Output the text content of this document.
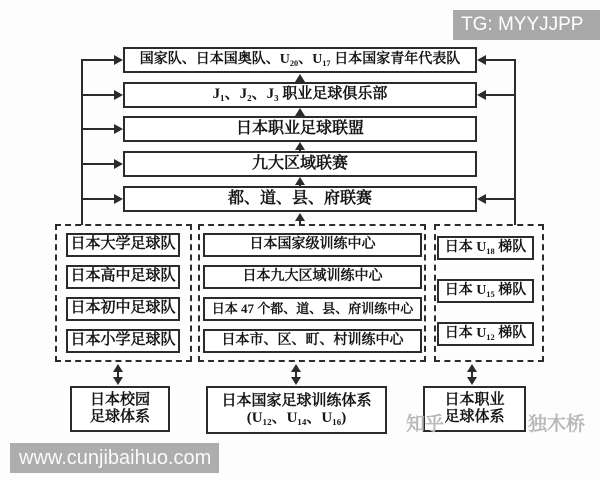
TG: MYYJJPP
国家队、日本国奥队、U₂₀、U₁₇ 日本国家青年代表队
J₁、J₂、J₃ 职业足球俱乐部
日本职业足球联盟
九大区域联赛
都、道、县、府联赛
日本大学足球队
日本高中足球队
日本初中足球队
日本小学足球队
日本国家级训练中心
日本九大区域训练中心
日本 47 个都、道、县、府训练中心
日本市、区、町、村训练中心
日本 U₁₈ 梯队
日本 U₁₅ 梯队
日本 U₁₂ 梯队
日本校园
足球体系
日本国家足球训练体系
(U₁₂、U₁₄、U₁₆)
日本职业
足球体系
知乎	独木桥
www.cunjibaihuo.com
